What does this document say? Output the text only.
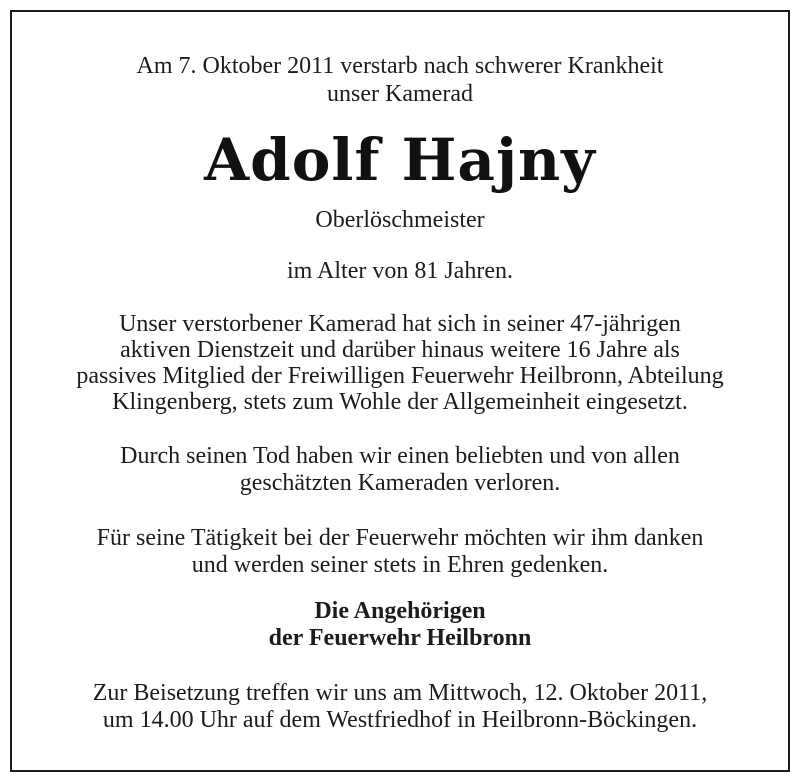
Am 7. Oktober 2011 verstarb nach schwerer Krankheit
unser Kamerad
Adolf Hajny
Oberlöschmeister
im Alter von 81 Jahren.
Unser verstorbener Kamerad hat sich in seiner 47-jährigen
aktiven Dienstzeit und darüber hinaus weitere 16 Jahre als
passives Mitglied der Freiwilligen Feuerwehr Heilbronn, Abteilung
Klingenberg, stets zum Wohle der Allgemeinheit eingesetzt.
Durch seinen Tod haben wir einen beliebten und von allen
geschätzten Kameraden verloren.
Für seine Tätigkeit bei der Feuerwehr möchten wir ihm danken
und werden seiner stets in Ehren gedenken.
Die Angehörigen
der Feuerwehr Heilbronn
Zur Beisetzung treffen wir uns am Mittwoch, 12. Oktober 2011,
um 14.00 Uhr auf dem Westfriedhof in Heilbronn-Böckingen.
